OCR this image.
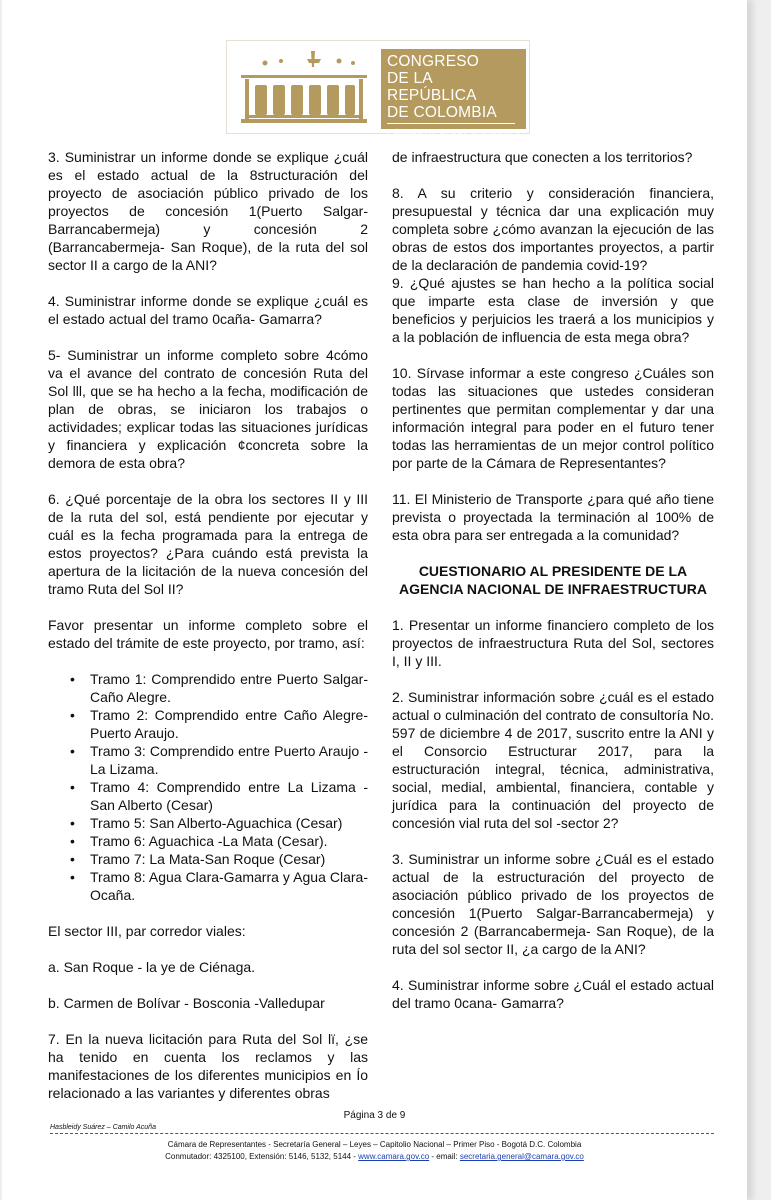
CONGRESO
DE LA REPÚBLICA
DE COLOMBIA
CÁMARA DE REPRESENTANTES

3. Suministrar un informe donde se explique ¿cuál es el estado actual de la 8structuración del proyecto de asociación público privado de los proyectos de concesión 1(Puerto Salgar-Barrancabermeja) y concesión 2 (Barrancabermeja- San Roque), de la ruta del sol sector II a cargo de la ANI?

4. Suministrar informe donde se explique ¿cuál es el estado actual del tramo 0caña- Gamarra?

5- Suministrar un informe completo sobre 4cómo va el avance del contrato de concesión Ruta del Sol lll, que se ha hecho a la fecha, modificación de plan de obras, se iniciaron los trabajos o actividades; explicar todas las situaciones jurídicas y financiera y explicación ¢concreta sobre la demora de esta obra?

6. ¿Qué porcentaje de la obra los sectores II y III de la ruta del sol, está pendiente por ejecutar y cuál es la fecha programada para la entrega de estos proyectos? ¿Para cuándo está prevista la apertura de la licitación de la nueva concesión del tramo Ruta del Sol II?

Favor presentar un informe completo sobre el estado del trámite de este proyecto, por tramo, así:

• Tramo 1: Comprendido entre Puerto Salgar-Caño Alegre.
• Tramo 2: Comprendido entre Caño Alegre-Puerto Araujo.
• Tramo 3: Comprendido entre Puerto Araujo - La Lizama.
• Tramo 4: Comprendido entre La Lizama -San Alberto (Cesar)
• Tramo 5: San Alberto-Aguachica (Cesar)
• Tramo 6: Aguachica -La Mata (Cesar).
• Tramo 7: La Mata-San Roque (Cesar)
• Tramo 8: Agua Clara-Gamarra y Agua Clara- Ocaña.

El sector III, par corredor viales:

a. San Roque - la ye de Ciénaga.

b. Carmen de Bolívar - Bosconia -Valledupar

7. En la nueva licitación para Ruta del Sol lï, ¿se ha tenido en cuenta los reclamos y las manifestaciones de los diferentes municipios en Ío relacionado a las variantes y diferentes obras

de infraestructura que conecten a los territorios?

8. A su criterio y consideración financiera, presupuestal y técnica dar una explicación muy completa sobre ¿cómo avanzan la ejecución de las obras de estos dos importantes proyectos, a partir de la declaración de pandemia covid-19?

9. ¿Qué ajustes se han hecho a la política social que imparte esta clase de inversión y que beneficios y perjuicios les traerá a los municipios y a la población de influencia de esta mega obra?

10. Sírvase informar a este congreso ¿Cuáles son todas las situaciones que ustedes consideran pertinentes que permitan complementar y dar una información integral para poder en el futuro tener todas las herramientas de un mejor control político por parte de la Cámara de Representantes?

11. El Ministerio de Transporte ¿para qué año tiene prevista o proyectada la terminación al 100% de esta obra para ser entregada a la comunidad?

CUESTIONARIO AL PRESIDENTE DE LA AGENCIA NACIONAL DE INFRAESTRUCTURA

1. Presentar un informe financiero completo de los proyectos de infraestructura Ruta del Sol, sectores I, II y III.

2. Suministrar información sobre ¿cuál es el estado actual o culminación del contrato de consultoría No. 597 de diciembre 4 de 2017, suscrito entre la ANI y el Consorcio Estructurar 2017, para la estructuración integral, técnica, administrativa, social, medial, ambiental, financiera, contable y jurídica para la continuación del proyecto de concesión vial ruta del sol -sector 2?

3. Suministrar un informe sobre ¿Cuál es el estado actual de la estructuración del proyecto de asociación público privado de los proyectos de concesión 1(Puerto Salgar-Barrancabermeja) y concesión 2 (Barrancabermeja- San Roque), de la ruta del sol sector II, ¿a cargo de la ANI?

4. Suministrar informe sobre ¿Cuál el estado actual del tramo 0cana- Gamarra?

Página 3 de 9
Hasbleidy Suárez – Camilo Acuña
Cámara de Representantes - Secretaría General – Leyes – Capitolio Nacional – Primer Piso - Bogotá D.C. Colombia
Conmutador: 4325100, Extensión: 5146, 5132, 5144 - www.camara.gov.co - email: secretaria.general@camara.gov.co
